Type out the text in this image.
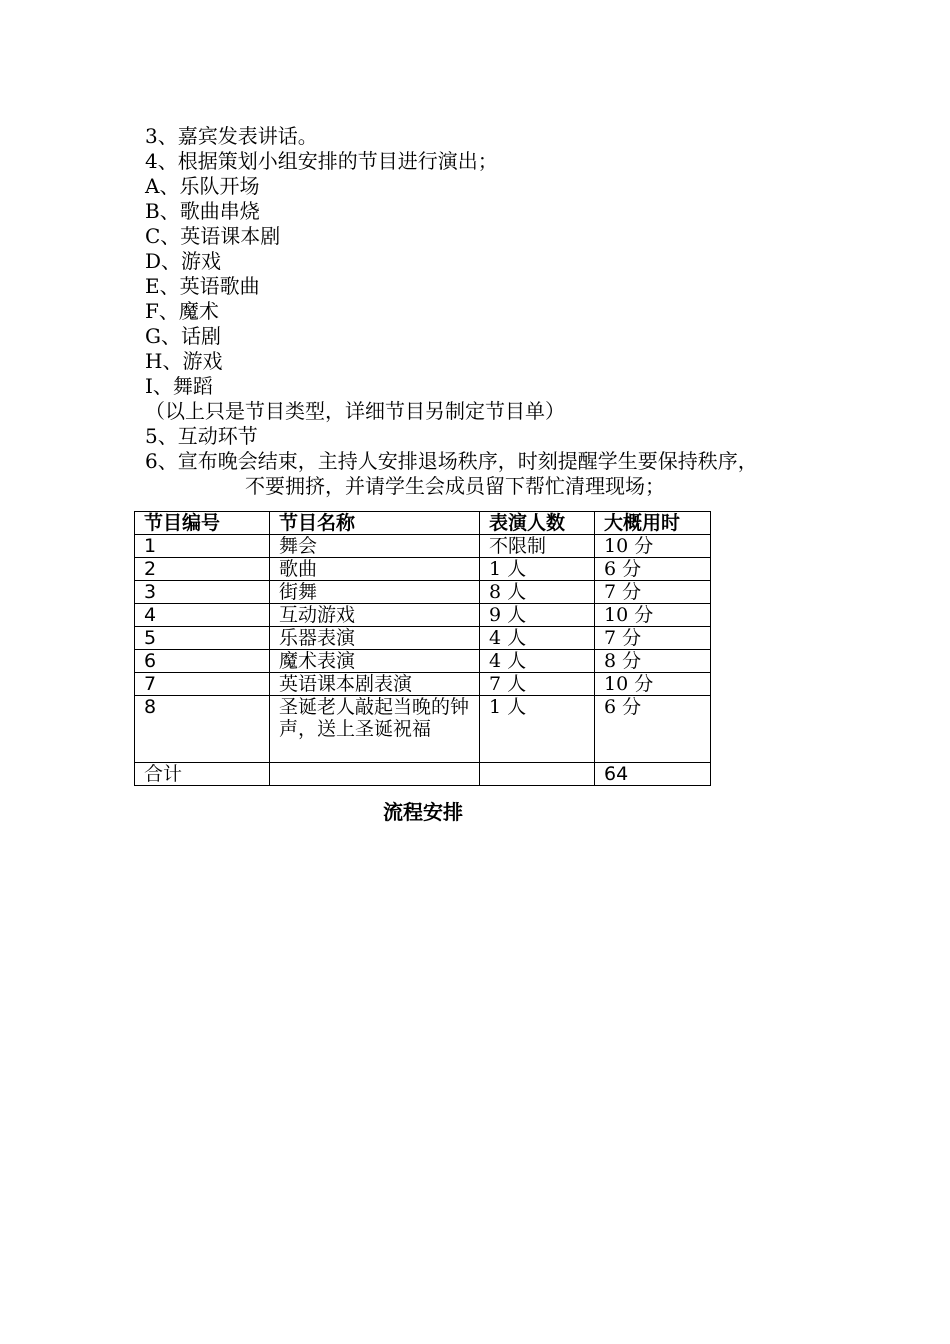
3、嘉宾发表讲话。
4、根据策划小组安排的节目进行演出；
A、乐队开场
B、歌曲串烧
C、英语课本剧
D、游戏
E、英语歌曲
F、魔术
G、话剧
H、游戏
I、舞蹈
（以上只是节目类型，详细节目另制定节目单）
5、互动环节
6、宣布晚会结束，主持人安排退场秩序，时刻提醒学生要保持秩序，
不要拥挤，并请学生会成员留下帮忙清理现场；
节目编号	节目名称	表演人数	大概用时
1	舞会	不限制	10 分
2	歌曲	1 人	6 分
3	街舞	8 人	7 分
4	互动游戏	9 人	10 分
5	乐器表演	4 人	7 分
6	魔术表演	4 人	8 分
7	英语课本剧表演	7 人	10 分
8	圣诞老人敲起当晚的钟声，送上圣诞祝福	1 人	6 分
合计			64
流程安排
